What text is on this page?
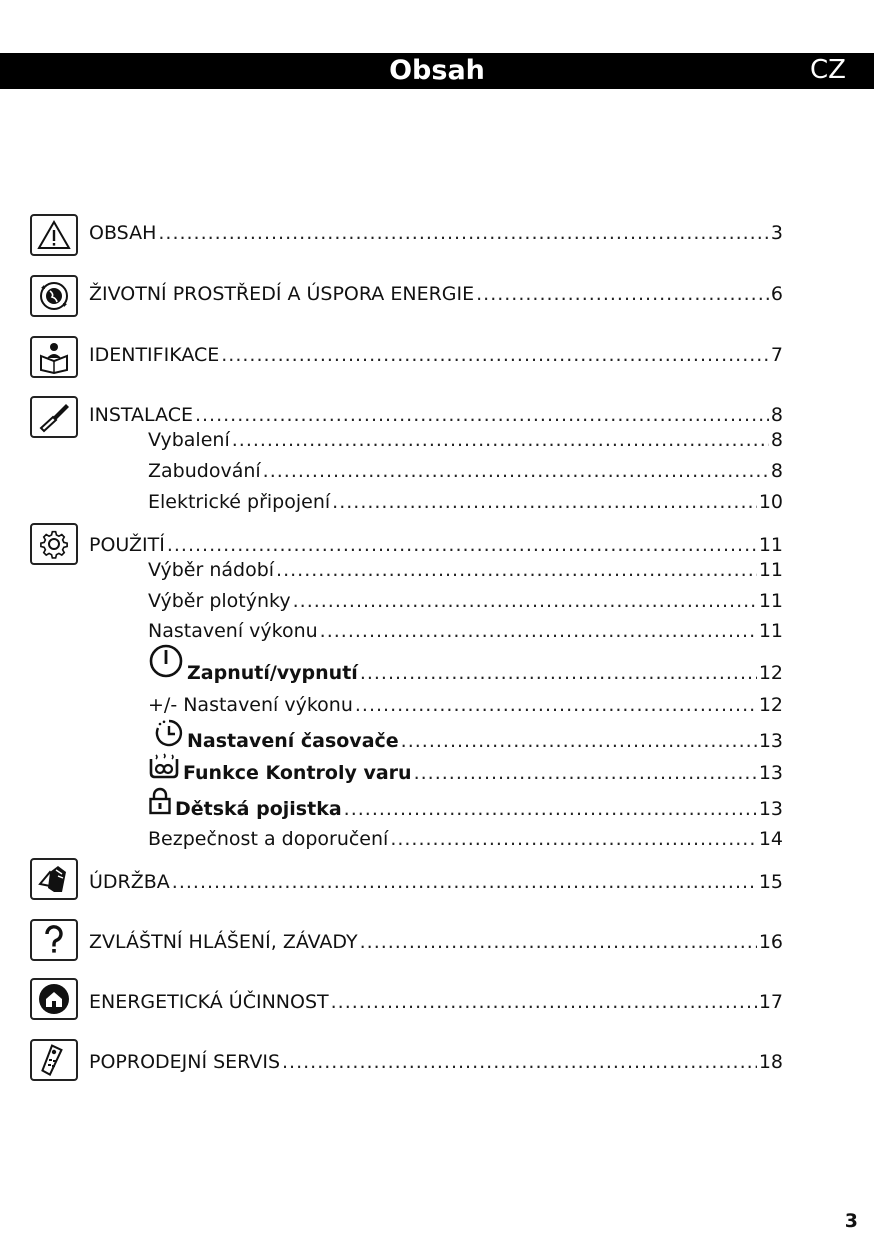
Obsah	CZ
OBSAH .....	3
ŽIVOTNÍ PROSTŘEDÍ A ÚSPORA ENERGIE .....	6
IDENTIFIKACE .....	7
INSTALACE .....	8
Vybalení .....	8
Zabudování .....	8
Elektrické připojení .....	10
POUŽITÍ .....	11
Výběr nádobí .....	11
Výběr plotýnky .....	11
Nastavení výkonu .....	11
Zapnutí/vypnutí .....	12
+/- Nastavení výkonu .....	12
Nastavení časovače .....	13
Funkce Kontroly varu .....	13
Dětská pojistka .....	13
Bezpečnost a doporučení .....	14
ÚDRŽBA .....	15
ZVLÁŠTNÍ HLÁŠENÍ, ZÁVADY .....	16
ENERGETICKÁ ÚČINNOST .....	17
POPRODEJNÍ SERVIS .....	18
3
